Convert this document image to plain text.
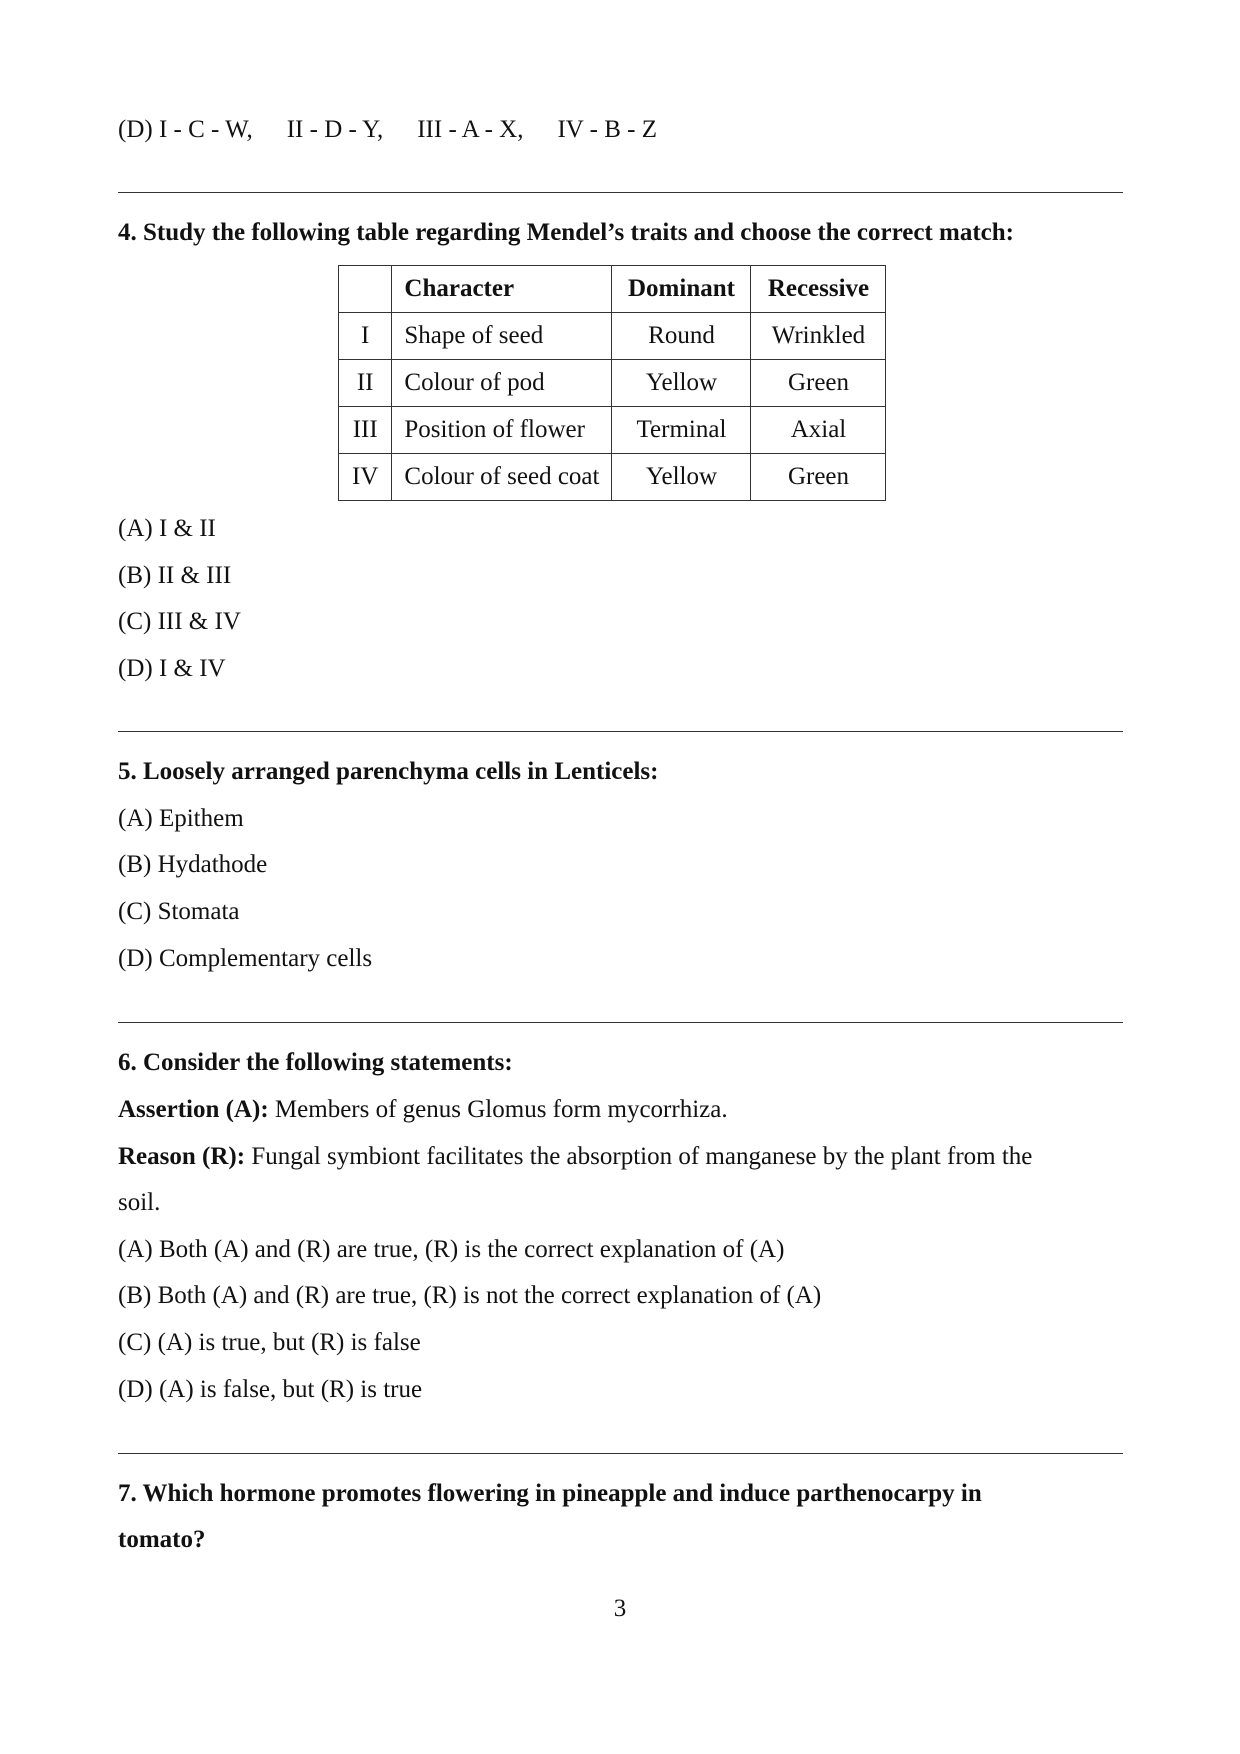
(D) I - C - W, II - D - Y, III - A - X, IV - B - Z
4. Study the following table regarding Mendel’s traits and choose the correct match:
	Character	Dominant	Recessive
I	Shape of seed	Round	Wrinkled
II	Colour of pod	Yellow	Green
III	Position of flower	Terminal	Axial
IV	Colour of seed coat	Yellow	Green
(A) I & II
(B) II & III
(C) III & IV
(D) I & IV
5. Loosely arranged parenchyma cells in Lenticels:
(A) Epithem
(B) Hydathode
(C) Stomata
(D) Complementary cells
6. Consider the following statements:
Assertion (A): Members of genus Glomus form mycorrhiza.
Reason (R): Fungal symbiont facilitates the absorption of manganese by the plant from the
soil.
(A) Both (A) and (R) are true, (R) is the correct explanation of (A)
(B) Both (A) and (R) are true, (R) is not the correct explanation of (A)
(C) (A) is true, but (R) is false
(D) (A) is false, but (R) is true
7. Which hormone promotes flowering in pineapple and induce parthenocarpy in
tomato?
3
